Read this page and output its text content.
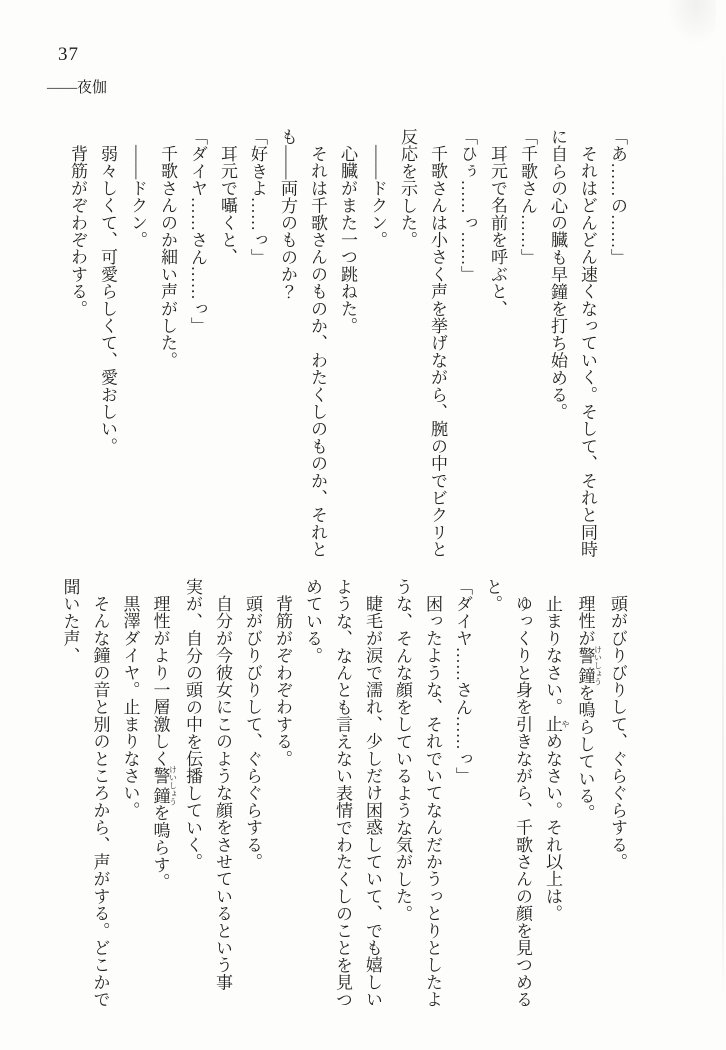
37
――夜伽

「あ……の……」

それはどんどん速くなっていく。そして、それと同時

に自らの心の臓も早鐘を打ち始める。

「千歌さん……」

耳元で名前を呼ぶと、

「ひぅ……っ……」

千歌さんは小さく声を挙げながら、腕の中でビクリと

反応を示した。

――ドクン。

心臓がまた一つ跳ねた。

それは千歌さんのものか、わたくしのものか、それと

も――両方のものか？

「好きよ……っ」

耳元で囁くと、

「ダイヤ……さん……っ」

千歌さんのか細い声がした。

――ドクン。

弱々しくて、可愛らしくて、愛おしい。

背筋がぞわぞわする。

頭がびりびりして、ぐらぐらする。

理性が警鐘 けいしょうを鳴らしている。

止まりなさい。止 やめなさい。それ以上は。

ゆっくりと身を引きながら、千歌さんの顔を見つめる

と。

「ダイヤ……さん……っ」

困ったような、それでいてなんだかうっとりとしたよ

うな、そんな顔をしているような気がした。

睫毛が涙で濡れ、少しだけ困惑していて、でも嬉しい

ような、なんとも言えない表情でわたくしのことを見つ

めている。

背筋がぞわぞわする。

頭がびりびりして、ぐらぐらする。

自分が今彼女にこのような顔をさせているという事

実が、自分の頭の中を伝播していく。

理性がより一層激しく警鐘 けいしょうを鳴らす。

黒澤ダイヤ。止まりなさい。

そんな鐘の音と別のところから、声がする。どこかで

聞いた声、
